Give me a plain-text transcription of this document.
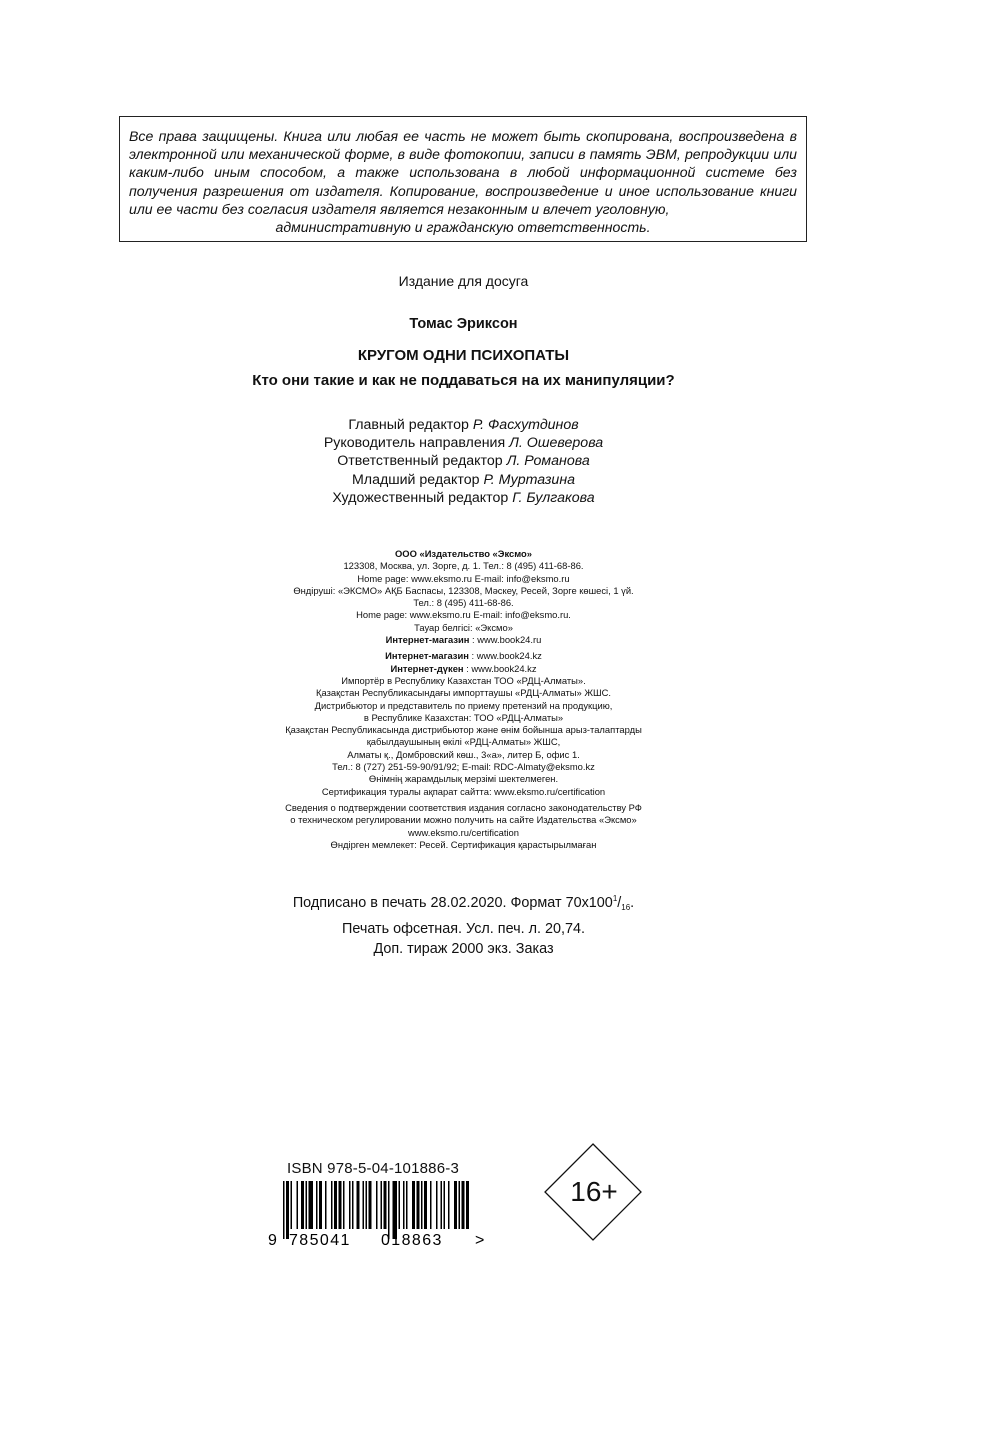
Все права защищены. Книга или любая ее часть не может быть скопирована, воспроизведена в электронной или механической форме, в виде фотокопии, записи в память ЭВМ, репродукции или каким-либо иным способом, а также использована в любой информационной системе без получения разрешения от издателя. Копирование, воспроизведение и иное использование книги или ее части без согласия издателя является незаконным и влечет уголовную,
административную и гражданскую ответственность.
Издание для досуга
Томас Эриксон
КРУГОМ ОДНИ ПСИХОПАТЫ
Кто они такие и как не поддаваться на их манипуляции?
Главный редактор Р. Фасхутдинов
Руководитель направления Л. Ошеверова
Ответственный редактор Л. Романова
Младший редактор Р. Муртазина
Художественный редактор Г. Булгакова
ООО «Издательство «Эксмо»
123308, Москва, ул. Зорге, д. 1. Тел.: 8 (495) 411-68-86.
Home page: www.eksmo.ru E-mail: info@eksmo.ru
Өндіруші: «ЭКСМО» АҚБ Баспасы, 123308, Мәскеу, Ресей, Зорге көшесі, 1 үй.
Тел.: 8 (495) 411-68-86.
Home page: www.eksmo.ru E-mail: info@eksmo.ru.
Тауар белгісі: «Эксмо»
Интернет-магазин : www.book24.ru
Интернет-магазин : www.book24.kz
Интернет-дүкен : www.book24.kz
Импортёр в Республику Казахстан ТОО «РДЦ-Алматы».
Қазақстан Республикасындағы импорттаушы «РДЦ-Алматы» ЖШС.
Дистрибьютор и представитель по приему претензий на продукцию,
в Республике Казахстан: ТОО «РДЦ-Алматы»
Қазақстан Республикасында дистрибьютор және өнім бойынша арыз-талаптарды
қабылдаушының өкілі «РДЦ-Алматы» ЖШС,
Алматы қ., Домбровский көш., 3«а», литер Б, офис 1.
Тел.: 8 (727) 251-59-90/91/92; E-mail: RDC-Almaty@eksmo.kz
Өнімнің жарамдылық мерзімі шектелмеген.
Сертификация туралы ақпарат сайтта: www.eksmo.ru/certification
Сведения о подтверждении соответствия издания согласно законодательству РФ
о техническом регулировании можно получить на сайте Издательства «Эксмо»
www.eksmo.ru/certification
Өндірген мемлекет: Ресей. Сертификация қарастырылмаған
Подписано в печать 28.02.2020. Формат $70x100^1/_{16}$.
Печать офсетная. Усл. печ. л. 20,74.
Доп. тираж 2000 экз. Заказ
ISBN 978-5-04-101886-3
9 785041 018863 >
16+
